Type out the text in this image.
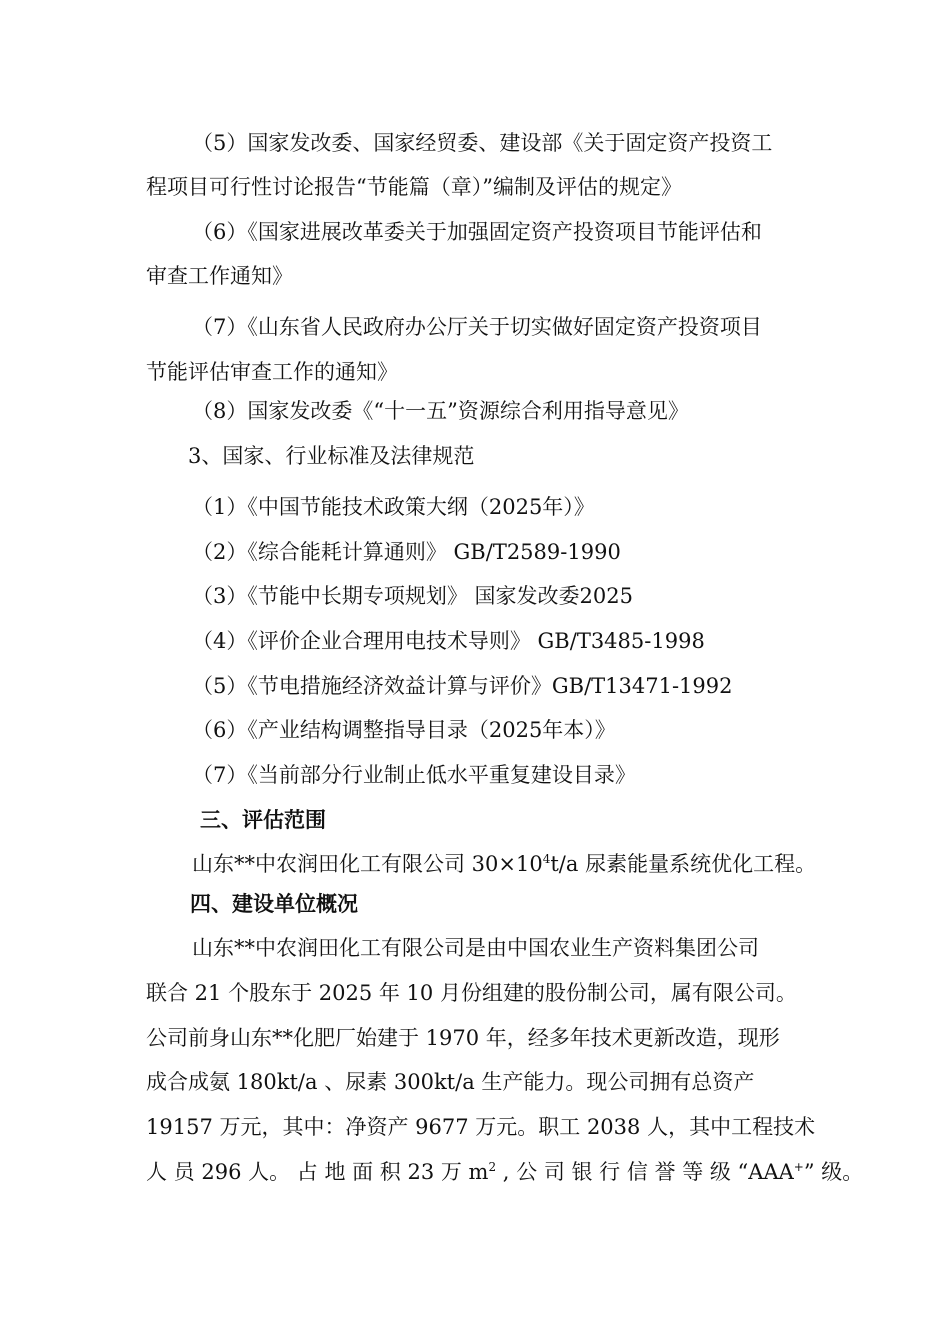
（5）国家发改委、国家经贸委、建设部《关于固定资产投资工
程项目可行性讨论报告“节能篇（章）”编制及评估的规定》
（6）《国家进展改革委关于加强固定资产投资项目节能评估和
审查工作通知》
（7）《山东省人民政府办公厅关于切实做好固定资产投资项目
节能评估审查工作的通知》
（8）国家发改委《“十一五”资源综合利用指导意见》
3、国家、行业标准及法律规范
（1）《中国节能技术政策大纲（2025年）》
（2）《综合能耗计算通则》 GB/T2589-1990
（3）《节能中长期专项规划》 国家发改委2025
（4）《评价企业合理用电技术导则》 GB/T3485-1998
（5）《节电措施经济效益计算与评价》GB/T13471-1992
（6）《产业结构调整指导目录（2025年本）》
（7）《当前部分行业制止低水平重复建设目录》
三、评估范围
山东**中农润田化工有限公司 $30\times 10^4t/a$ 尿素能量系统优化工程。
四、建设单位概况
山东**中农润田化工有限公司是由中国农业生产资料集团公司
联合 21 个股东于 2025 年 10 月份组建的股份制公司，属有限公司。
公司前身山东**化肥厂始建于 1970 年，经多年技术更新改造，现形
成合成氨 180kt/a 、尿素 300kt/a 生产能力。现公司拥有总资产
19157 万元，其中：净资产 9677 万元。职工 2038 人，其中工程技术
人 员 296 人。 占 地 面 积 23 万 $m^2$ , 公 司 银 行 信 誉 等 级 “AAA+” 级。
